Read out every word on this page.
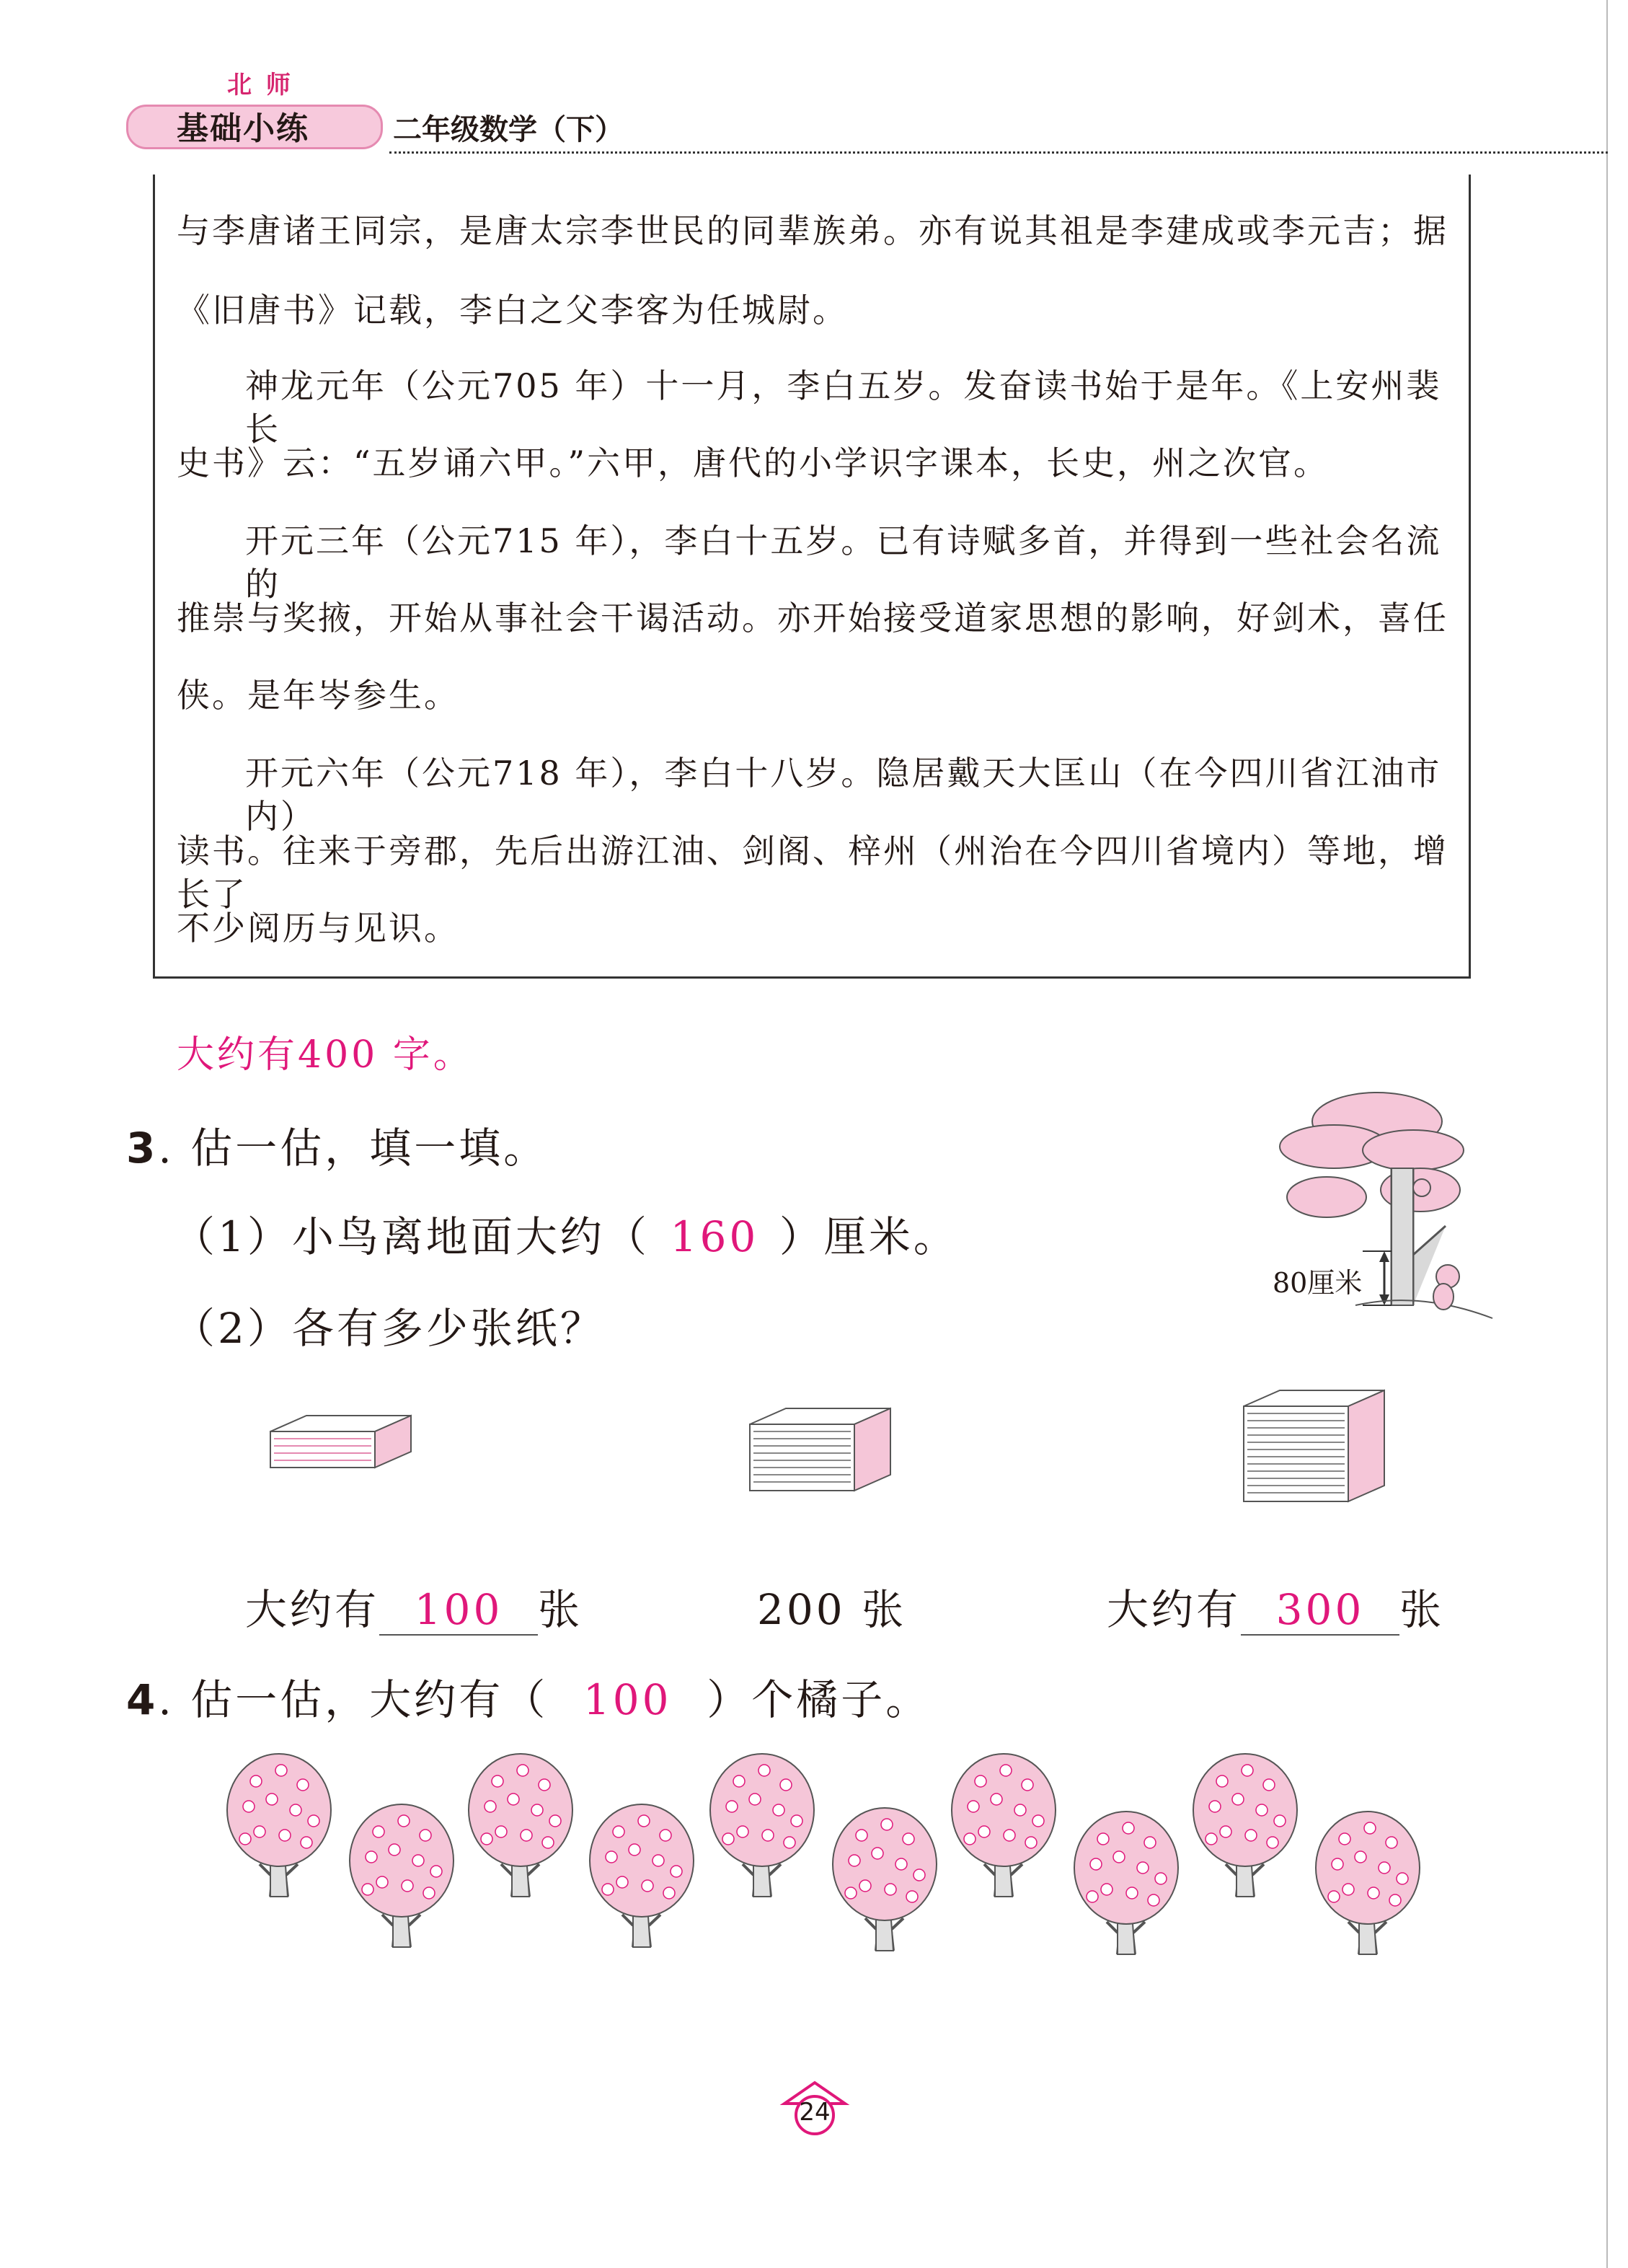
北 师
基础小练	二年级数学（下）

与李唐诸王同宗，是唐太宗李世民的同辈族弟。亦有说其祖是李建成或李元吉；据

《旧唐书》记载，李白之父李客为任城尉。

神龙元年（公元705 年）十一月，李白五岁。发奋读书始于是年。《上安州裴长

史书》云：“五岁诵六甲。”六甲，唐代的小学识字课本，长史，州之次官。

开元三年（公元715 年），李白十五岁。已有诗赋多首，并得到一些社会名流的

推崇与奖掖，开始从事社会干谒活动。亦开始接受道家思想的影响，好剑术，喜任

侠。是年岑参生。

开元六年（公元718 年），李白十八岁。隐居戴天大匡山（在今四川省江油市内）

读书。往来于旁郡，先后出游江油、剑阁、梓州（州治在今四川省境内）等地，增长了

不少阅历与见识。

大约有400 字。
3. 估一估，填一填。
（1）小鸟离地面大约（ 160 ）厘米。
（2）各有多少张纸？
80厘米
大约有 100 张	200 张	大约有 300 张
4. 估一估，大约有（ 100 ）个橘子。
24
